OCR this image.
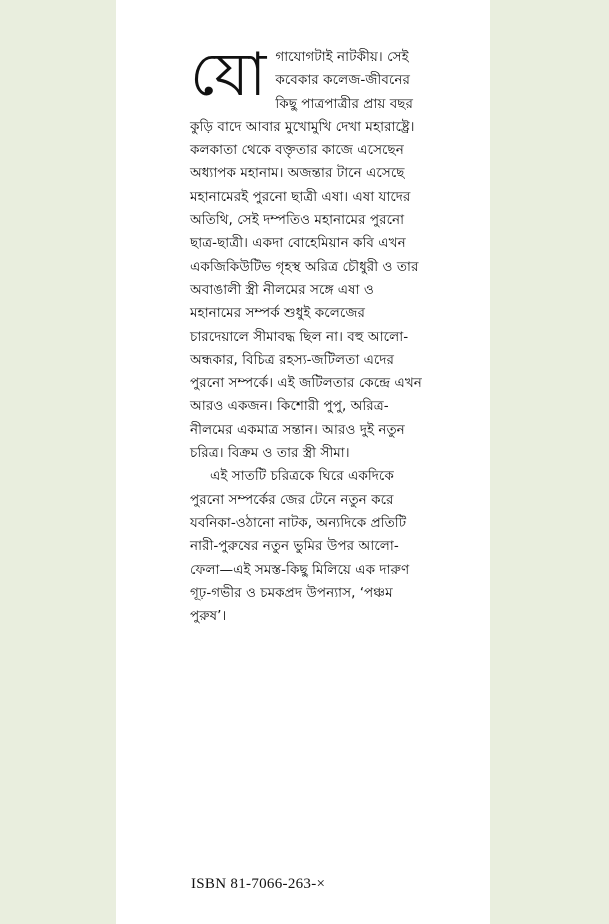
যোগাযোগটাই নাটকীয়। সেই কবেকার কলেজ-জীবনের কিছু পাত্রপাত্রীর প্রায় বছর কুড়ি বাদে আবার মুখোমুখি দেখা মহারাষ্ট্রে। কলকাতা থেকে বক্তৃতার কাজে এসেছেন অধ্যাপক মহানাম। অজন্তার টানে এসেছে মহানামেরই পুরনো ছাত্রী এষা। এষা যাদের অতিথি, সেই দম্পতিও মহানামের পুরনো ছাত্র-ছাত্রী। একদা বোহেমিয়ান কবি এখন একজিকিউটিভ গৃহস্থ অরিত্র চৌধুরী ও তার অবাঙালী স্ত্রী নীলমের সঙ্গে এষা ও মহানামের সম্পর্ক শুধুই কলেজের চারদেয়ালে সীমাবদ্ধ ছিল না। বহু আলো-অন্ধকার, বিচিত্র রহস্য-জটিলতা এদের পুরনো সম্পর্কে। এই জটিলতার কেন্দ্রে এখন আরও একজন। কিশোরী পুপু, অরিত্র-নীলমের একমাত্র সন্তান। আরও দুই নতুন চরিত্র। বিক্রম ও তার স্ত্রী সীমা।

এই সাতটি চরিত্রকে ঘিরে একদিকে পুরনো সম্পর্কের জের টেনে নতুন করে যবনিকা-ওঠানো নাটক, অন্যদিকে প্রতিটি নারী-পুরুষের নতুন ভুমির উপর আলো-ফেলা—এই সমস্ত-কিছু মিলিয়ে এক দারুণ গূঢ়-গভীর ও চমকপ্রদ উপন্যাস, ‘পঞ্চম পুরুষ’।

ISBN 81-7066-263-×
